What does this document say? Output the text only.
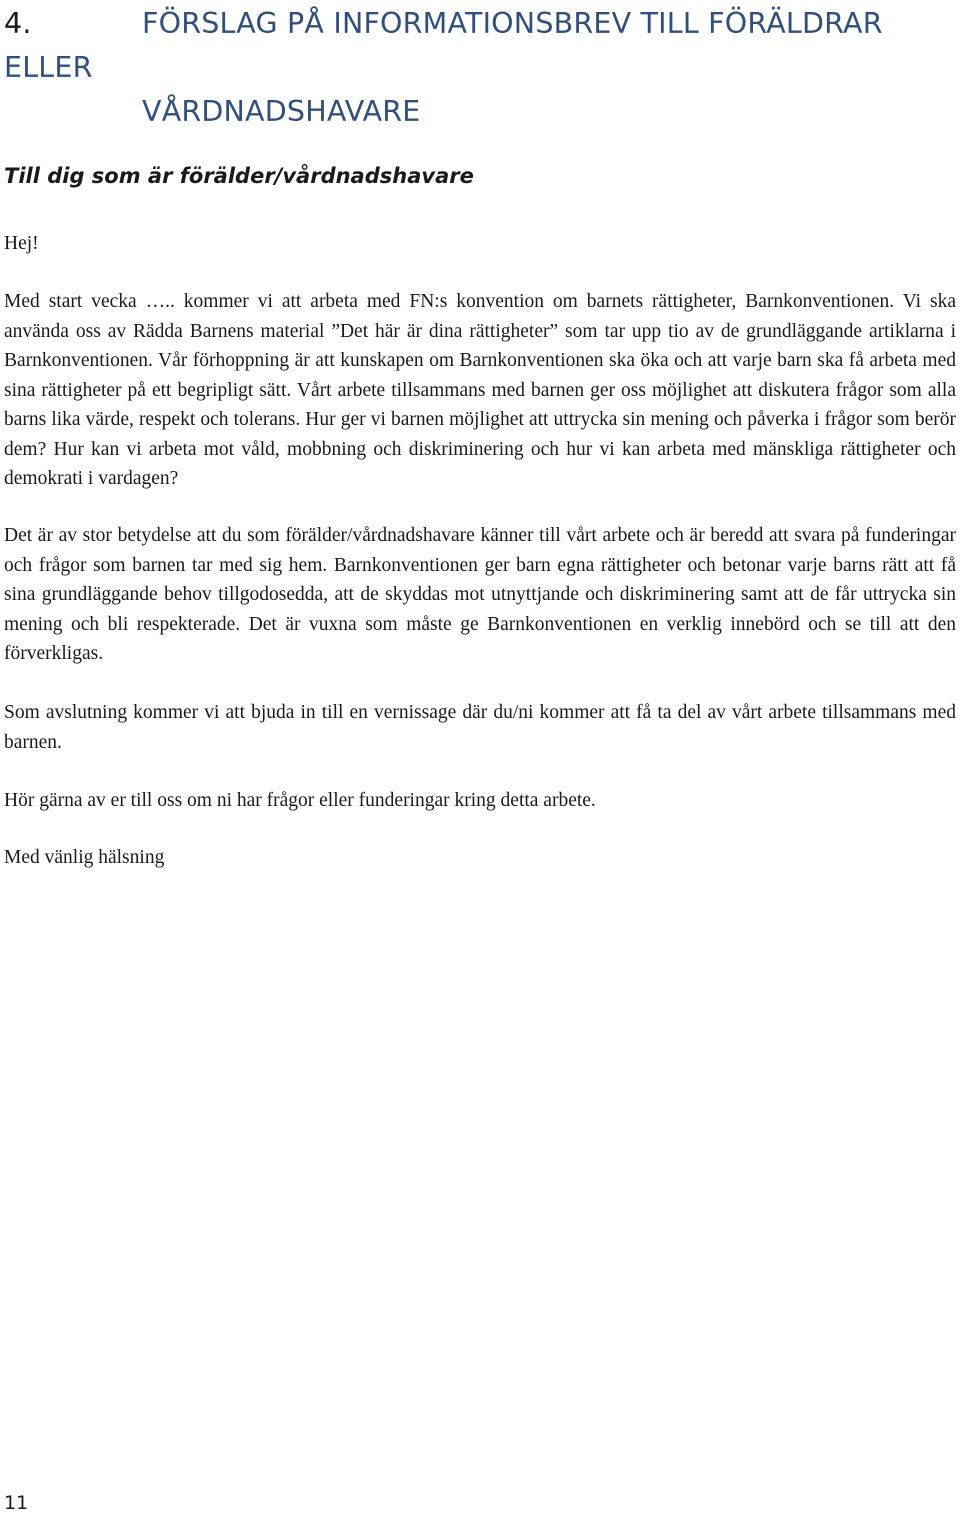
4.	FÖRSLAG PÅ INFORMATIONSBREV TILL FÖRÄLDRAR ELLER
VÅRDNADSHAVARE
Till dig som är förälder/vårdnadshavare

Hej!

Med start vecka ….. kommer vi att arbeta med FN:s konvention om barnets rättigheter, Barnkonventionen. Vi ska använda oss av Rädda Barnens material ”Det här är dina rättigheter” som tar upp tio av de grundläggande artiklarna i Barnkonventionen. Vår förhoppning är att kunskapen om Barnkonventionen ska öka och att varje barn ska få arbeta med sina rättigheter på ett begripligt sätt. Vårt arbete tillsammans med barnen ger oss möjlighet att diskutera frågor som alla barns lika värde, respekt och tolerans. Hur ger vi barnen möjlighet att uttrycka sin mening och påverka i frågor som berör dem? Hur kan vi arbeta mot våld, mobbning och diskriminering och hur vi kan arbeta med mänskliga rättigheter och demokrati i vardagen?

Det är av stor betydelse att du som förälder/vårdnadshavare känner till vårt arbete och är beredd att svara på funderingar och frågor som barnen tar med sig hem. Barnkonventionen ger barn egna rättigheter och betonar varje barns rätt att få sina grundläggande behov tillgodosedda, att de skyddas mot utnyttjande och diskriminering samt att de får uttrycka sin mening och bli respekterade. Det är vuxna som måste ge Barnkonventionen en verklig innebörd och se till att den förverkligas.

Som avslutning kommer vi att bjuda in till en vernissage där du/ni kommer att få ta del av vårt arbete tillsammans med barnen.

Hör gärna av er till oss om ni har frågor eller funderingar kring detta arbete.

Med vänlig hälsning

11
